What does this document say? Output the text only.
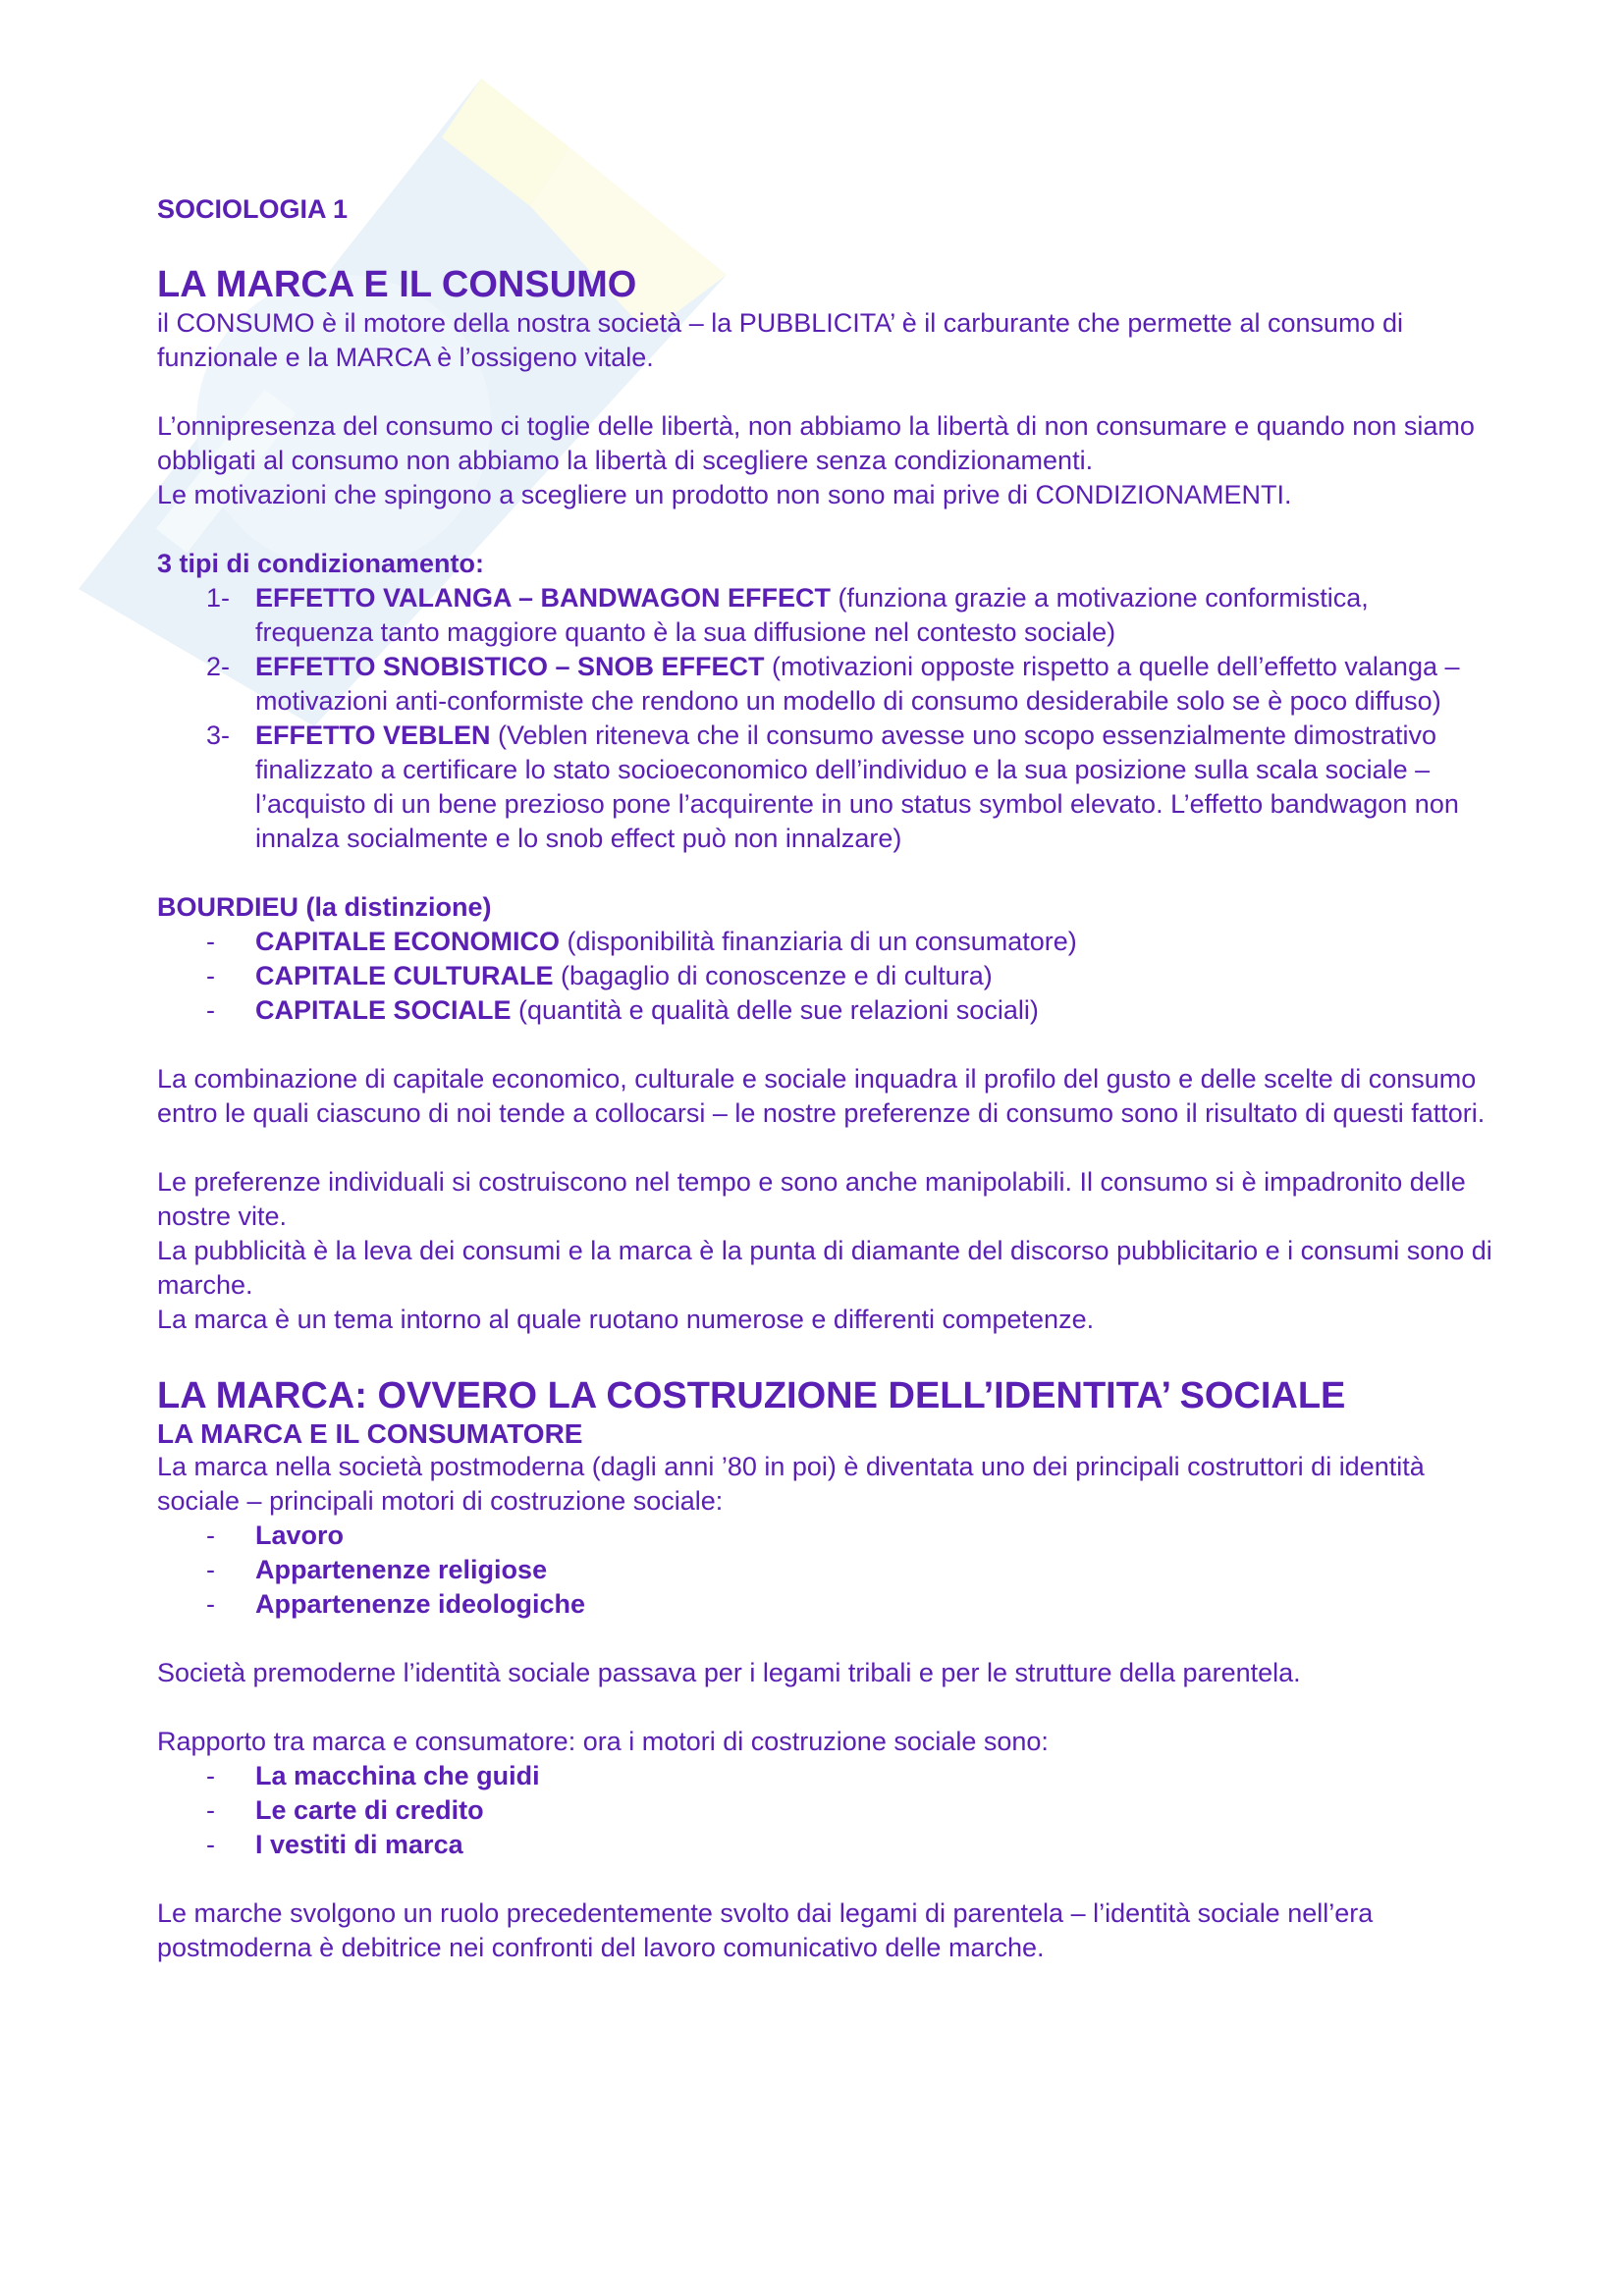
SOCIOLOGIA 1

LA MARCA E IL CONSUMO

il CONSUMO è il motore della nostra società – la PUBBLICITA’ è il carburante che permette al consumo di funzionale e la MARCA è l’ossigeno vitale.

L’onnipresenza del consumo ci toglie delle libertà, non abbiamo la libertà di non consumare e quando non siamo obbligati al consumo non abbiamo la libertà di scegliere senza condizionamenti.

Le motivazioni che spingono a scegliere un prodotto non sono mai prive di CONDIZIONAMENTI.

3 tipi di condizionamento:

1- EFFETTO VALANGA – BANDWAGON EFFECT (funziona grazie a motivazione conformistica, frequenza tanto maggiore quanto è la sua diffusione nel contesto sociale)
2- EFFETTO SNOBISTICO – SNOB EFFECT (motivazioni opposte rispetto a quelle dell’effetto valanga – motivazioni anti-conformiste che rendono un modello di consumo desiderabile solo se è poco diffuso)
3- EFFETTO VEBLEN (Veblen riteneva che il consumo avesse uno scopo essenzialmente dimostrativo finalizzato a certificare lo stato socioeconomico dell’individuo e la sua posizione sulla scala sociale – l’acquisto di un bene prezioso pone l’acquirente in uno status symbol elevato. L’effetto bandwagon non innalza socialmente e lo snob effect può non innalzare)

BOURDIEU (la distinzione)

-	CAPITALE ECONOMICO (disponibilità finanziaria di un consumatore)
-	CAPITALE CULTURALE (bagaglio di conoscenze e di cultura)
-	CAPITALE SOCIALE (quantità e qualità delle sue relazioni sociali)

La combinazione di capitale economico, culturale e sociale inquadra il profilo del gusto e delle scelte di consumo entro le quali ciascuno di noi tende a collocarsi – le nostre preferenze di consumo sono il risultato di questi fattori.

Le preferenze individuali si costruiscono nel tempo e sono anche manipolabili. Il consumo si è impadronito delle nostre vite.

La pubblicità è la leva dei consumi e la marca è la punta di diamante del discorso pubblicitario e i consumi sono di marche.

La marca è un tema intorno al quale ruotano numerose e differenti competenze.

LA MARCA: OVVERO LA COSTRUZIONE DELL’IDENTITA’ SOCIALE
LA MARCA E IL CONSUMATORE

La marca nella società postmoderna (dagli anni ’80 in poi) è diventata uno dei principali costruttori di identità sociale – principali motori di costruzione sociale:

-	Lavoro
-	Appartenenze religiose
-	Appartenenze ideologiche

Società premoderne l’identità sociale passava per i legami tribali e per le strutture della parentela.

Rapporto tra marca e consumatore: ora i motori di costruzione sociale sono:

-	La macchina che guidi
-	Le carte di credito
-	I vestiti di marca

Le marche svolgono un ruolo precedentemente svolto dai legami di parentela – l’identità sociale nell’era postmoderna è debitrice nei confronti del lavoro comunicativo delle marche.
